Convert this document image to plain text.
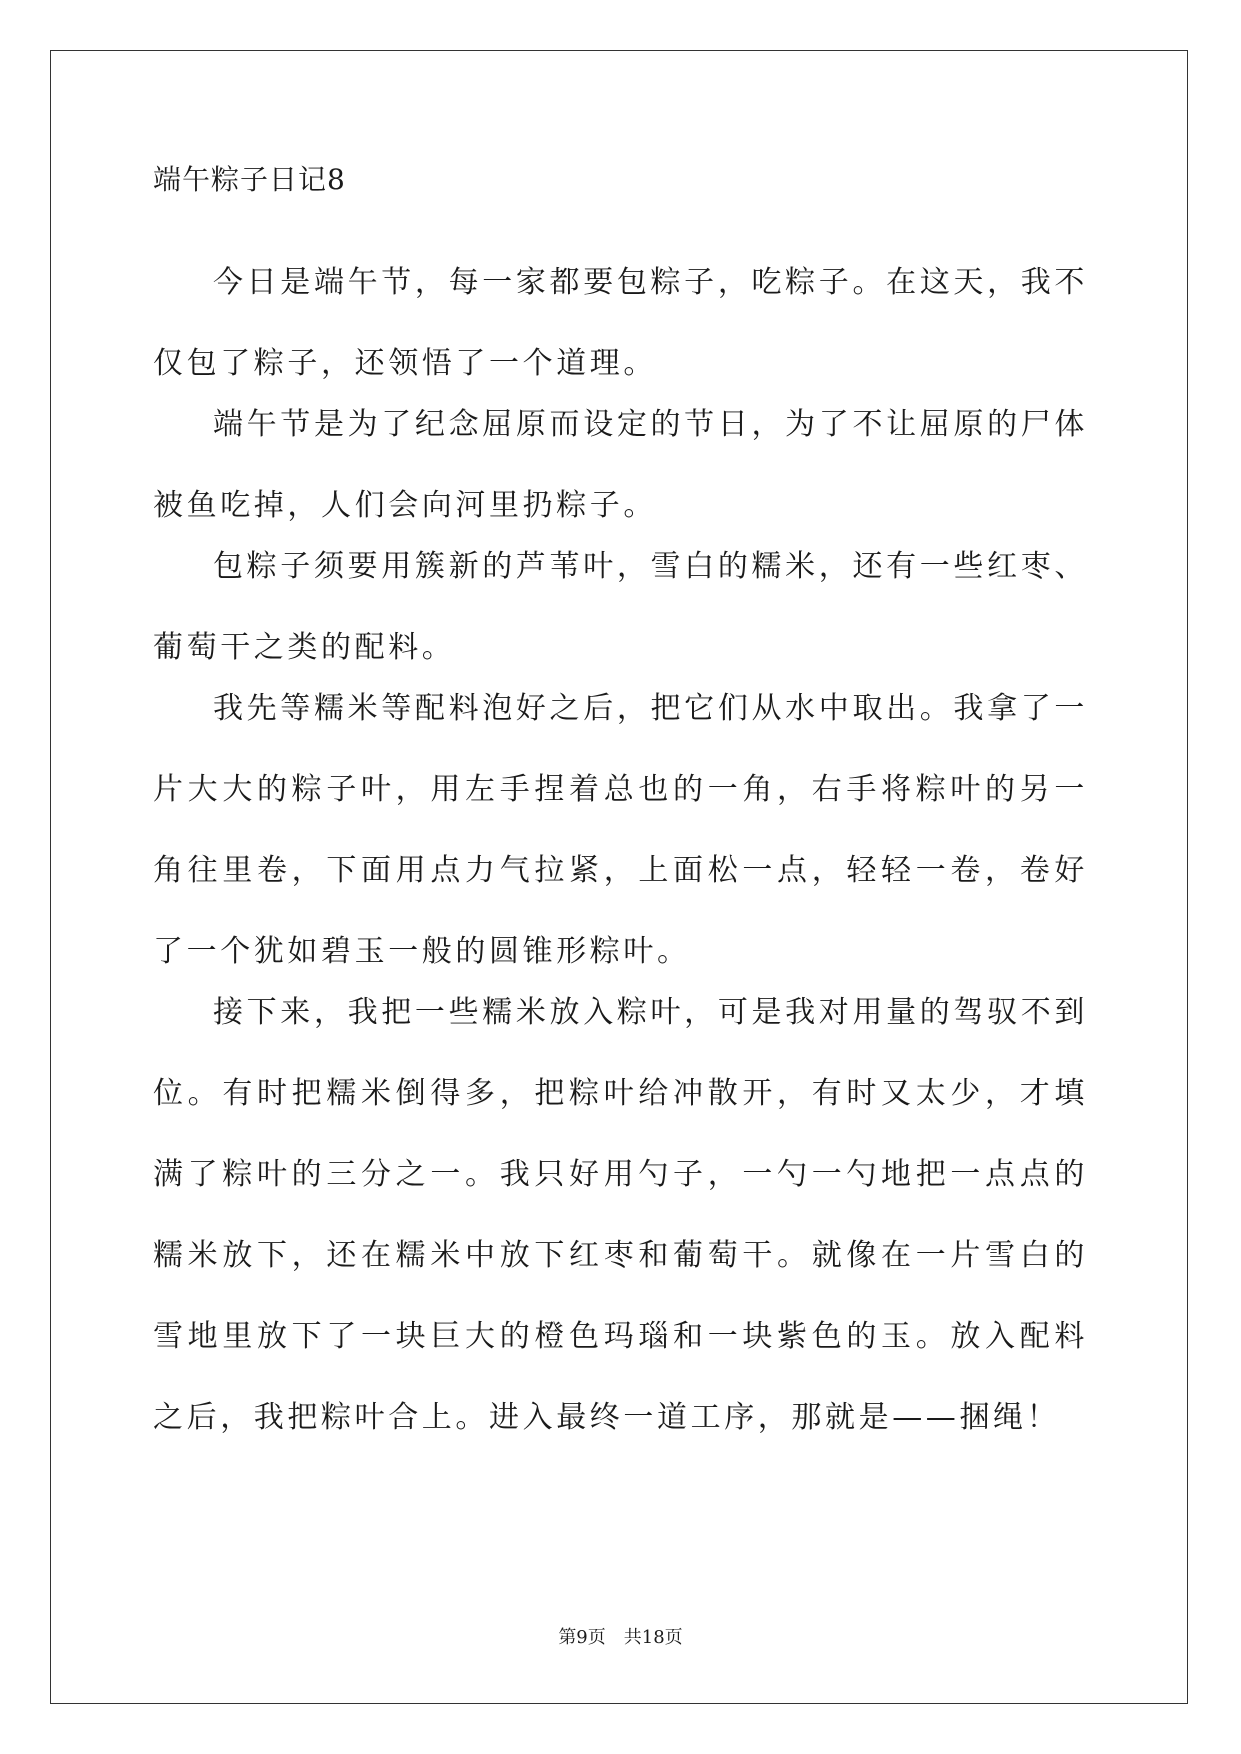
端午粽子日记8

今日是端午节，每一家都要包粽子，吃粽子。在这天，我不仅包了粽子，还领悟了一个道理。

端午节是为了纪念屈原而设定的节日，为了不让屈原的尸体被鱼吃掉，人们会向河里扔粽子。

包粽子须要用簇新的芦苇叶，雪白的糯米，还有一些红枣、葡萄干之类的配料。

我先等糯米等配料泡好之后，把它们从水中取出。我拿了一片大大的粽子叶，用左手捏着总也的一角，右手将粽叶的另一角往里卷，下面用点力气拉紧，上面松一点，轻轻一卷，卷好了一个犹如碧玉一般的圆锥形粽叶。

接下来，我把一些糯米放入粽叶，可是我对用量的驾驭不到位。有时把糯米倒得多，把粽叶给冲散开，有时又太少，才填满了粽叶的三分之一。我只好用勺子，一勺一勺地把一点点的糯米放下，还在糯米中放下红枣和葡萄干。就像在一片雪白的雪地里放下了一块巨大的橙色玛瑙和一块紫色的玉。放入配料之后，我把粽叶合上。进入最终一道工序，那就是——捆绳！

第9页 共18页
